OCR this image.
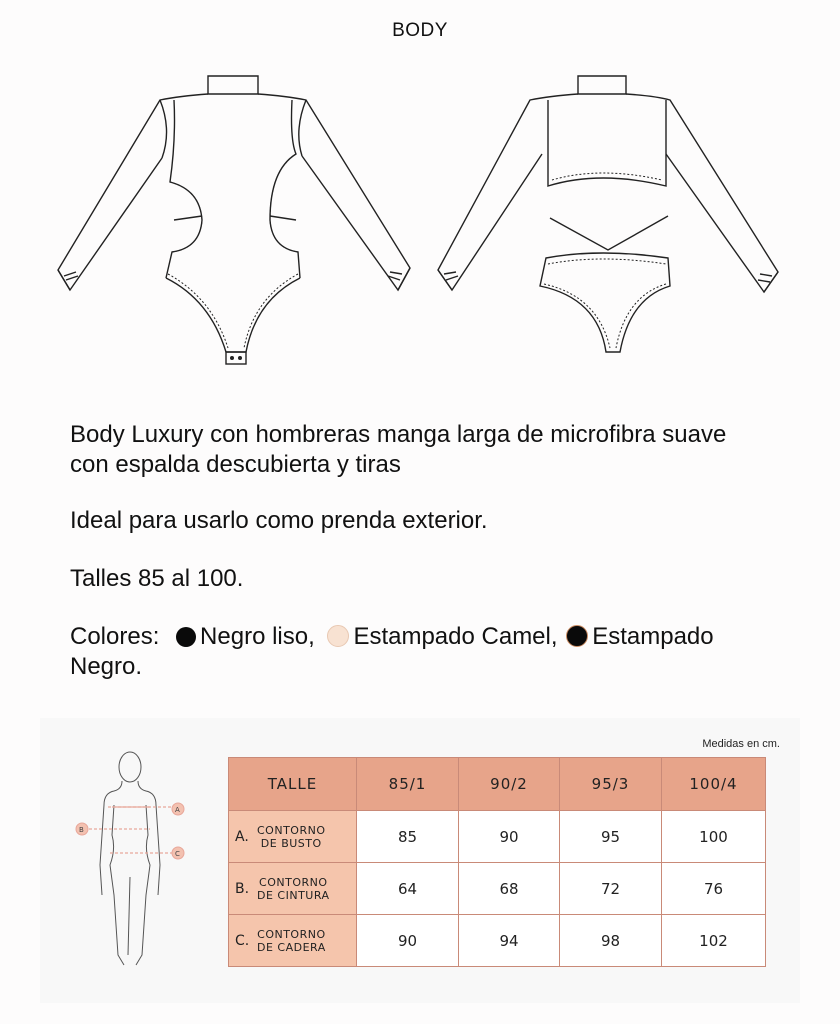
BODY

Body Luxury con hombreras manga larga de microfibra suave

con espalda descubierta y tiras

Ideal para usarlo como prenda exterior.
Talles 85 al 100.

Colores: Negro liso, Estampado Camel, Estampado

Negro.

A
B
C
Medidas en cm.
TALLE	85/1	90/2	95/3	100/4
A. CONTORNO
DE BUSTO	85	90	95	100
B. CONTORNO
DE CINTURA	64	68	72	76
C. CONTORNO
DE CADERA	90	94	98	102
